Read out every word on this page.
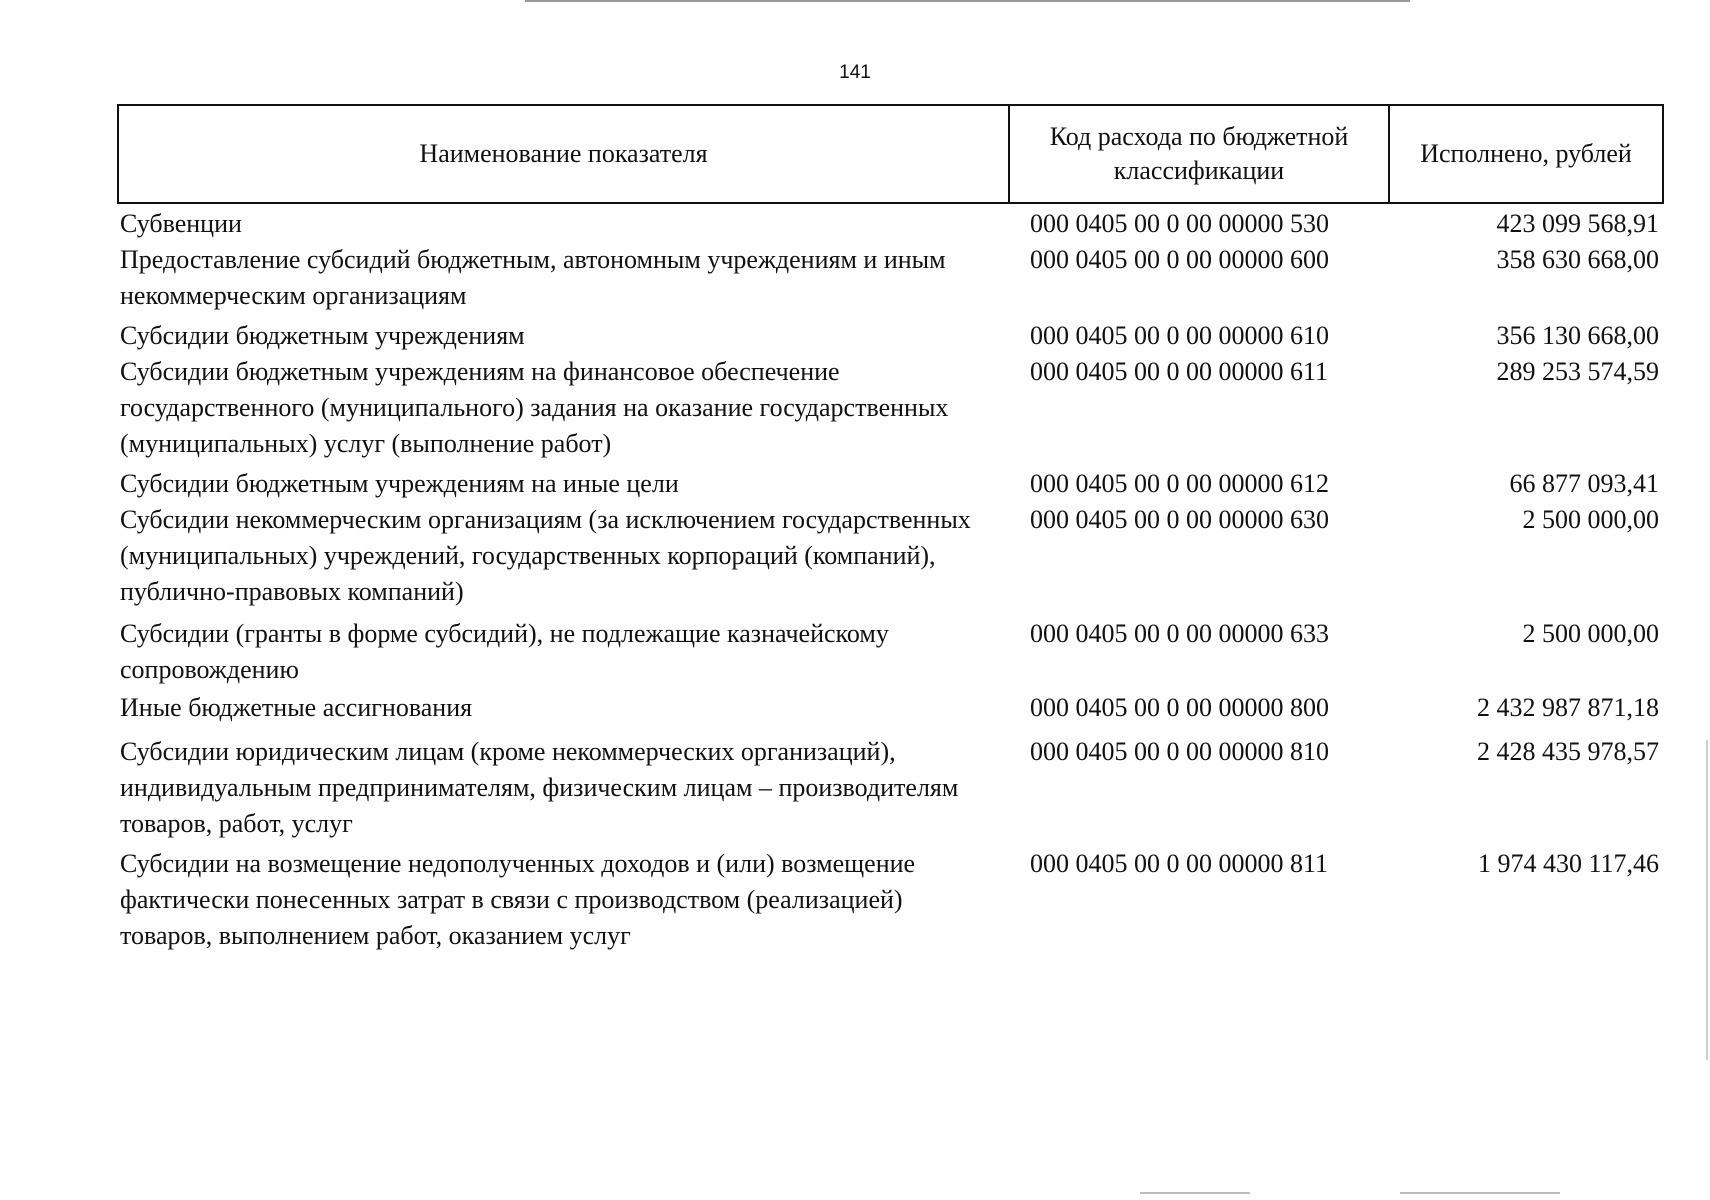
141
Наименование показателя	Код расхода по бюджетной классификации	Исполнено, рублей
Субвенции	000 0405 00 0 00 00000 530	423 099 568,91
Предоставление субсидий бюджетным, автономным учреждениям и иным некоммерческим организациям	000 0405 00 0 00 00000 600	358 630 668,00
Субсидии бюджетным учреждениям	000 0405 00 0 00 00000 610	356 130 668,00
Субсидии бюджетным учреждениям на финансовое обеспечение государственного (муниципального) задания на оказание государственных (муниципальных) услуг (выполнение работ)	000 0405 00 0 00 00000 611	289 253 574,59
Субсидии бюджетным учреждениям на иные цели	000 0405 00 0 00 00000 612	66 877 093,41
Субсидии некоммерческим организациям (за исключением государственных (муниципальных) учреждений, государственных корпораций (компаний), публично-правовых компаний)	000 0405 00 0 00 00000 630	2 500 000,00
Субсидии (гранты в форме субсидий), не подлежащие казначейскому сопровождению	000 0405 00 0 00 00000 633	2 500 000,00
Иные бюджетные ассигнования	000 0405 00 0 00 00000 800	2 432 987 871,18
Субсидии юридическим лицам (кроме некоммерческих организаций), индивидуальным предпринимателям, физическим лицам – производителям товаров, работ, услуг	000 0405 00 0 00 00000 810	2 428 435 978,57
Субсидии на возмещение недополученных доходов и (или) возмещение фактически понесенных затрат в связи с производством (реализацией) товаров, выполнением работ, оказанием услуг	000 0405 00 0 00 00000 811	1 974 430 117,46
